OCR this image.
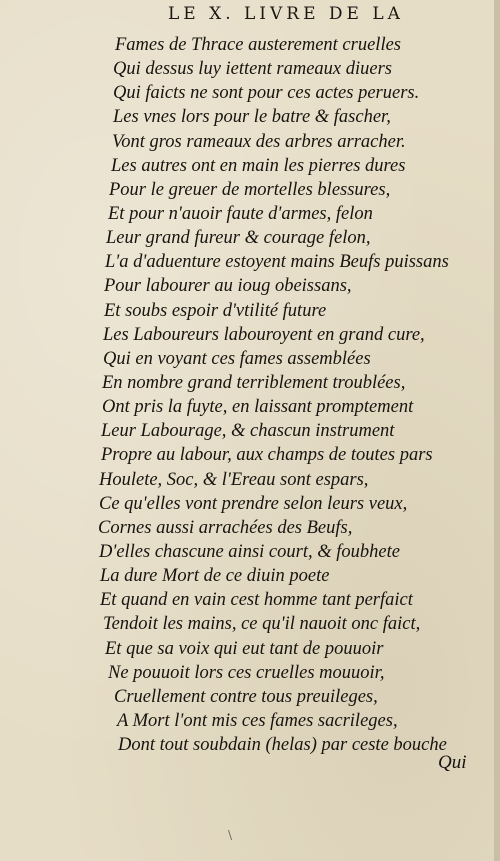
LE X. LIVRE DE LA
Fames de Thrace austerement cruelles
Qui dessus luy iettent rameaux diuers
Qui faicts ne sont pour ces actes peruers.
Les vnes lors pour le batre & fascher,
Vont gros rameaux des arbres arracher.
Les autres ont en main les pierres dures
Pour le greuer de mortelles blessures,
Et pour n'auoir faute d'armes, felon
Leur grand fureur & courage felon,
L'a d'aduenture estoyent mains Beufs puissans
Pour labourer au ioug obeissans,
Et soubs espoir d'vtilité future
Les Laboureurs labouroyent en grand cure,
Qui en voyant ces fames assemblées
En nombre grand terriblement troublées,
Ont pris la fuyte, en laissant promptement
Leur Labourage, & chascun instrument
Propre au labour, aux champs de toutes pars
Houlete, Soc, & l'Ereau sont espars,
Ce qu'elles vont prendre selon leurs veux,
Cornes aussi arrachées des Beufs,
D'elles chascune ainsi court, & foubhete
La dure Mort de ce diuin poete
Et quand en vain cest homme tant perfaict
Tendoit les mains, ce qu'il nauoit onc faict,
Et que sa voix qui eut tant de pouuoir
Ne pouuoit lors ces cruelles mouuoir,
Cruellement contre tous preuileges,
A Mort l'ont mis ces fames sacrileges,
Dont tout soubdain (helas) par ceste bouche
Qui
\
